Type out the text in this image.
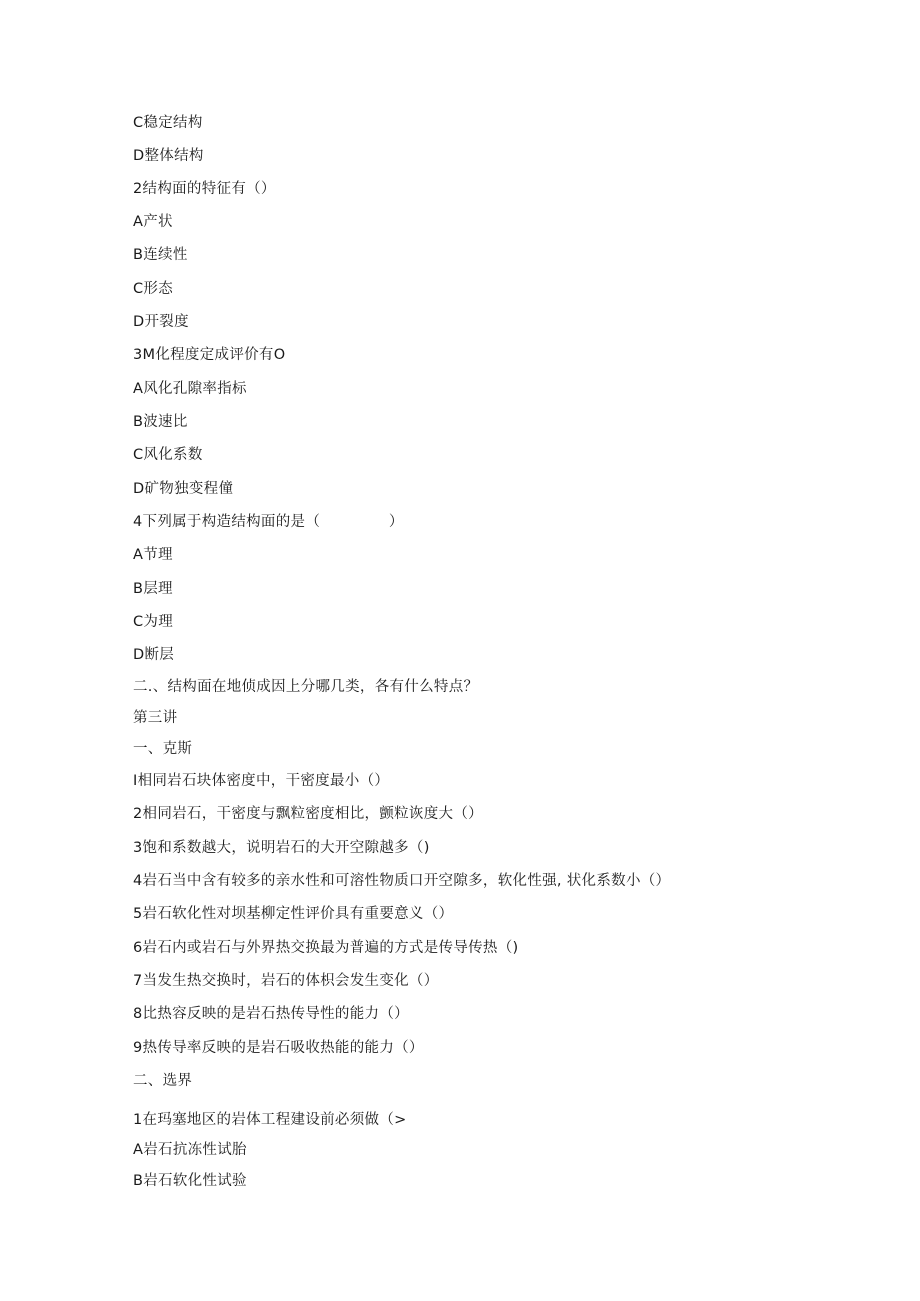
C稳定结构
D整体结构
2结构面的特征有（）
A产状
B连续性
C形态
D开裂度
3M化程度定成评价有O
A风化孔隙率指标
B波速比
C风化系数
D矿物独变程僮
4下列属于构造结构面的是（              ）
A节理
B层理
C为理
D断层
二.、结构面在地侦成因上分哪几类，各有什么特点？
第三讲
一、克斯
I相同岩石块体密度中，干密度最小（）
2相同岩石，干密度与飘粒密度相比，颤粒诙度大（）
3饱和系数越大，说明岩石的大开空隙越多（)
4岩石当中含有较多的亲水性和可溶性物质口开空隙多，软化性强, 状化系数小（）
5岩石软化性对坝基柳定性评价具有重要意义（）
6岩石内或岩石与外界热交换最为普遍的方式是传导传热（)
7当发生热交换时，岩石的体枳会发生变化（）
8比热容反映的是岩石热传导性的能力（）
9热传导率反映的是岩石吸收热能的能力（）
二、选界
1在玛塞地区的岩体工程建设前必须做（>
A岩石抗冻性试胎
B岩石软化性试验
